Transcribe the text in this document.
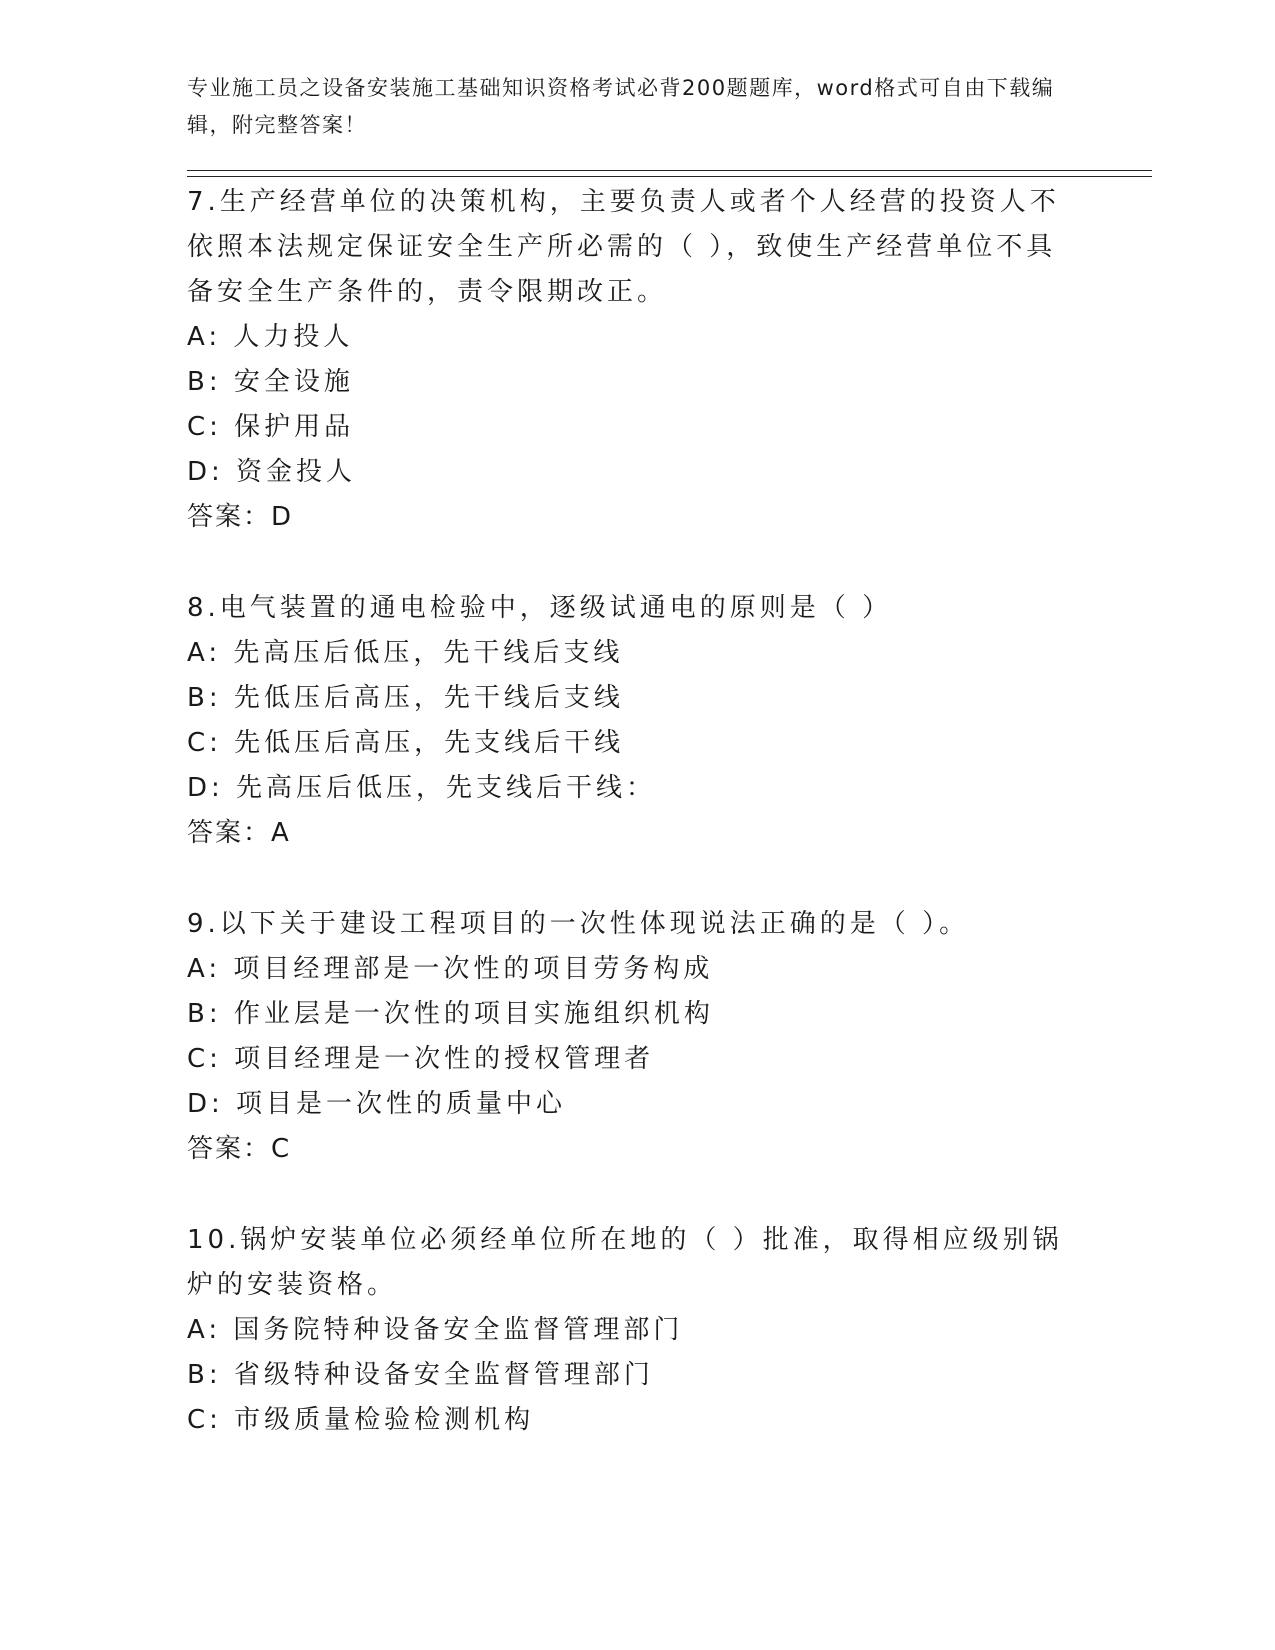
专业施工员之设备安装施工基础知识资格考试必背200题题库，word格式可自由下载编辑，附完整答案！
7.生产经营单位的决策机构，主要负责人或者个人经营的投资人不依照本法规定保证安全生产所必需的（ ），致使生产经营单位不具备安全生产条件的，责令限期改正。
A: 人力投人
B: 安全设施
C: 保护用品
D: 资金投人
答案：D
8.电气装置的通电检验中，逐级试通电的原则是（ ）
A: 先高压后低压，先干线后支线
B: 先低压后高压，先干线后支线
C: 先低压后高压，先支线后干线
D: 先高压后低压，先支线后干线：
答案：A
9.以下关于建设工程项目的一次性体现说法正确的是（ ）。
A: 项目经理部是一次性的项目劳务构成
B: 作业层是一次性的项目实施组织机构
C: 项目经理是一次性的授权管理者
D: 项目是一次性的质量中心
答案：C
10.锅炉安装单位必须经单位所在地的（ ）批准，取得相应级别锅炉的安装资格。
A: 国务院特种设备安全监督管理部门
B: 省级特种设备安全监督管理部门
C: 市级质量检验检测机构
